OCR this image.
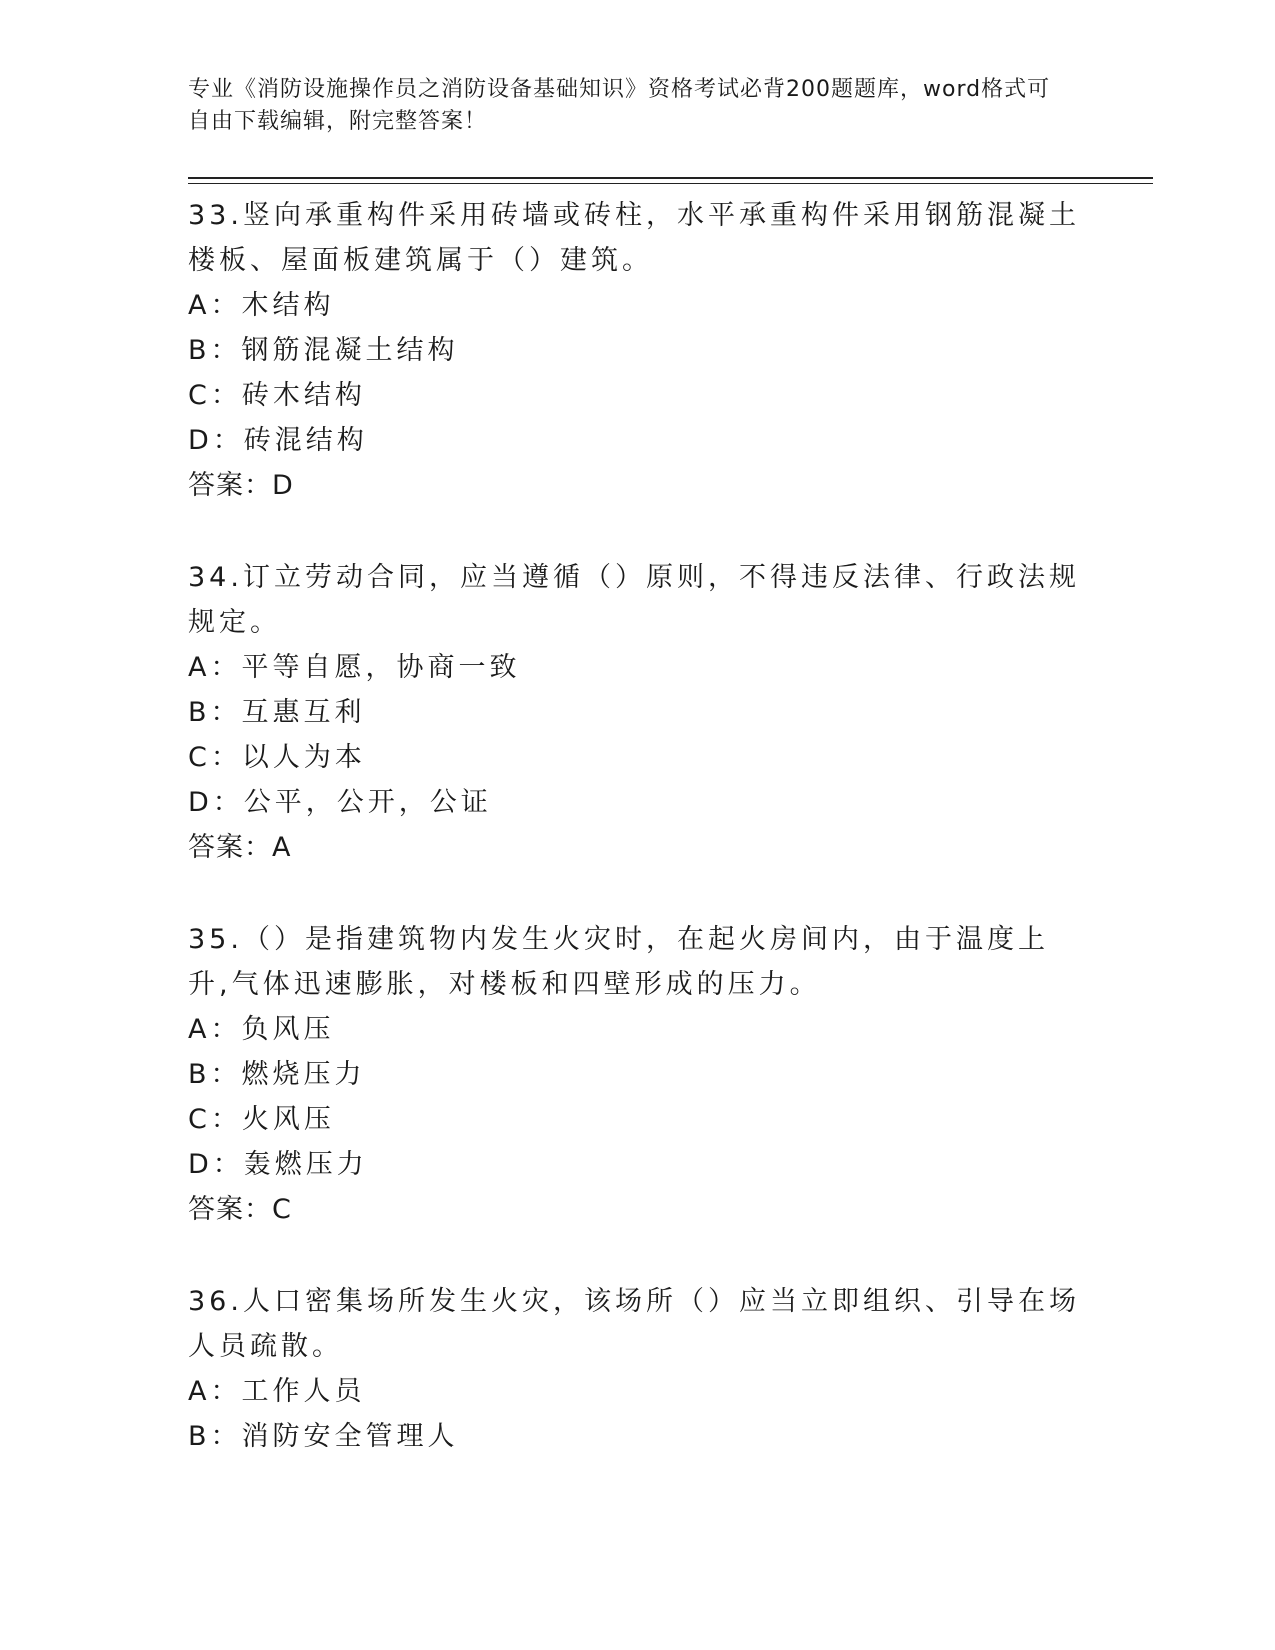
专业《消防设施操作员之消防设备基础知识》资格考试必背200题题库，word格式可自由下载编辑，附完整答案！

33.竖向承重构件采用砖墙或砖柱，水平承重构件采用钢筋混凝土楼板、屋面板建筑属于（）建筑。

A：木结构

B：钢筋混凝土结构

C：砖木结构

D：砖混结构

答案：D

34.订立劳动合同，应当遵循（）原则，不得违反法律、行政法规规定。

A：平等自愿，协商一致

B：互惠互利

C：以人为本

D：公平，公开，公证

答案：A

35.（）是指建筑物内发生火灾时，在起火房间内，由于温度上升,气体迅速膨胀，对楼板和四壁形成的压力。

A：负风压

B：燃烧压力

C：火风压

D：轰燃压力

答案：C

36.人口密集场所发生火灾，该场所（）应当立即组织、引导在场人员疏散。

A：工作人员

B：消防安全管理人
